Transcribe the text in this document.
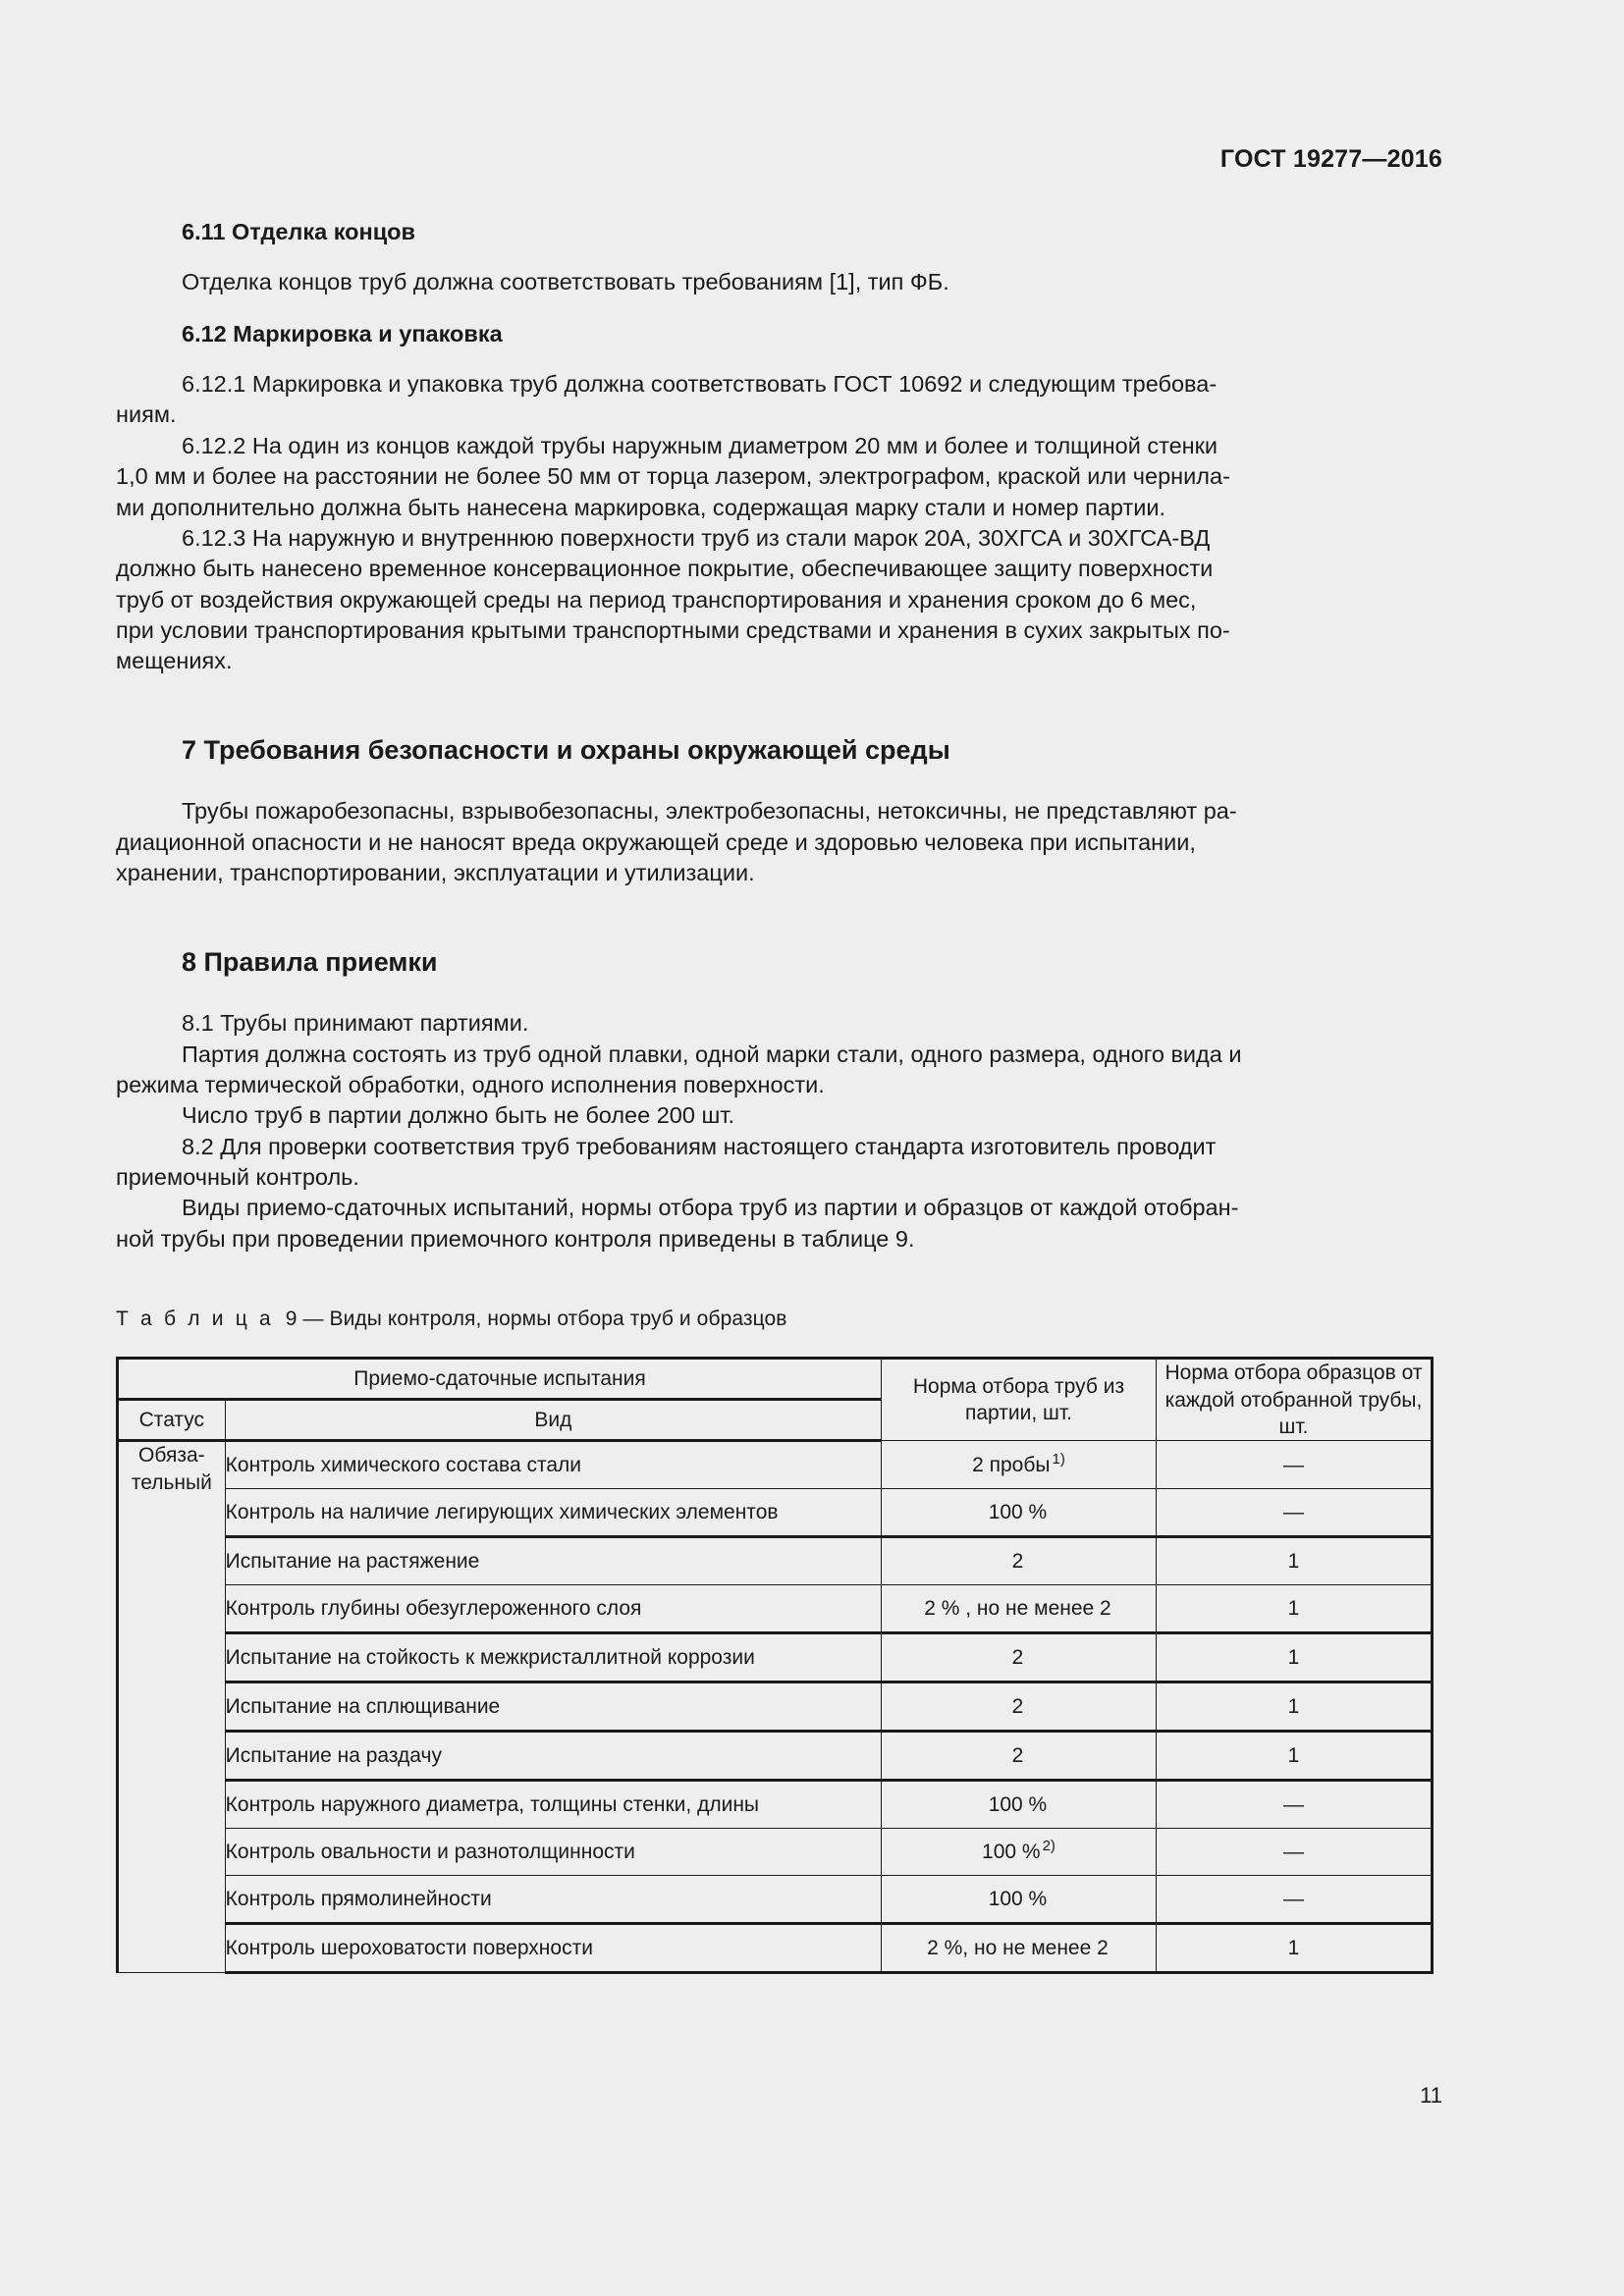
ГОСТ 19277—2016
6.11 Отделка концов

Отделка концов труб должна соответствовать требованиям [1], тип ФБ.

6.12 Маркировка и упаковка

6.12.1 Маркировка и упаковка труб должна соответствовать ГОСТ 10692 и следующим требова-

ниям.

6.12.2 На один из концов каждой трубы наружным диаметром 20 мм и более и толщиной стенки

1,0 мм и более на расстоянии не более 50 мм от торца лазером, электрографом, краской или чернила-

ми дополнительно должна быть нанесена маркировка, содержащая марку стали и номер партии.

6.12.3 На наружную и внутреннюю поверхности труб из стали марок 20А, 30ХГСА и 30ХГСА-ВД

должно быть нанесено временное консервационное покрытие, обеспечивающее защиту поверхности

труб от воздействия окружающей среды на период транспортирования и хранения сроком до 6 мес,

при условии транспортирования крытыми транспортными средствами и хранения в сухих закрытых по-

мещениях.

7 Требования безопасности и охраны окружающей среды

Трубы пожаробезопасны, взрывобезопасны, электробезопасны, нетоксичны, не представляют ра-

диационной опасности и не наносят вреда окружающей среде и здоровью человека при испытании,

хранении, транспортировании, эксплуатации и утилизации.

8 Правила приемки

8.1 Трубы принимают партиями.

Партия должна состоять из труб одной плавки, одной марки стали, одного размера, одного вида и

режима термической обработки, одного исполнения поверхности.

Число труб в партии должно быть не более 200 шт.

8.2 Для проверки соответствия труб требованиям настоящего стандарта изготовитель проводит

приемочный контроль.

Виды приемо-сдаточных испытаний, нормы отбора труб из партии и образцов от каждой отобран-

ной трубы при проведении приемочного контроля приведены в таблице 9.

Т а б л и ц а 9 — Виды контроля, нормы отбора труб и образцов

Приемо-сдаточные испытания		Норма отбора труб из партии, шт.	Норма отбора образцов от каждой отобранной трубы, шт.
Статус	Вид		
Обяза-
тельный	Контроль химического состава стали	2 пробы $^{1)}$	—
	Контроль на наличие легирующих химических элементов	100 %	—
	Испытание на растяжение	2	1
	Контроль глубины обезуглероженного слоя	2 % , но не менее 2	1
	Испытание на стойкость к межкристаллитной коррозии	2	1
	Испытание на сплющивание	2	1
	Испытание на раздачу	2	1
	Контроль наружного диаметра, толщины стенки, длины	100 %	—
	Контроль овальности и разнотолщинности	100 % $^{2)}$	—
	Контроль прямолинейности	100 %	—
	Контроль шероховатости поверхности	2 %, но не менее 2	1
11
